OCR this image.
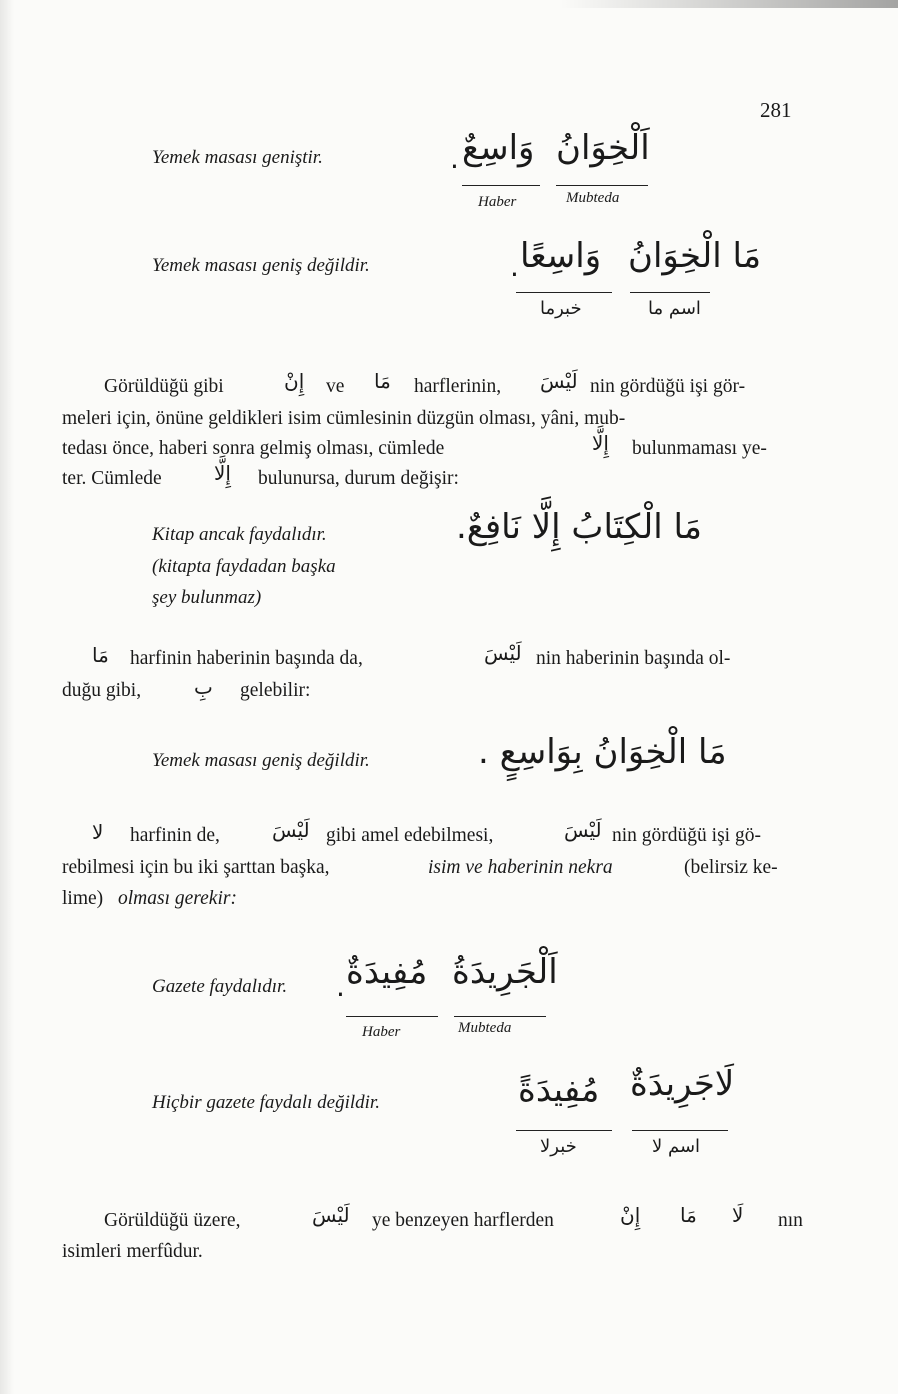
281
Yemek masası geniştir.	. وَاسِعٌ اَلْخِوَانُ
Haber	Mubteda
Yemek masası geniş değildir.	. وَاسِعًا مَا الْخِوَانُ
خبرما	اسم ما
Görüldüğü gibi	إِنْ ve مَا harflerinin, لَيْسَ nin gördüğü işi gör-
meleri için, önüne geldikleri isim cümlesinin düzgün olması, yâni, mub-
tedası önce, haberi sonra gelmiş olması, cümlede	إِلَّا bulunmaması ye-
ter. Cümlede	إِلَّا bulunursa, durum değişir:
Kitap ancak faydalıdır.
(kitapta faydadan başka
şey bulunmaz)
مَا الْكِتَابُ إِلَّا نَافِعٌ.
مَا harfinin haberinin başında da,	لَيْسَ nin haberinin başında ol-
duğu gibi,	بِ gelebilir:
Yemek masası geniş değildir.	مَا الْخِوَانُ بِوَاسِعٍ .
لا harfinin de,	لَيْسَ gibi amel edebilmesi,	لَيْسَ nin gördüğü işi gö-
rebilmesi için bu iki şarttan başka,	isim ve haberinin nekra	(belirsiz ke-
lime) olması gerekir:
Gazete faydalıdır. . مُفِيدَةٌ اَلْجَرِيدَةُ
Haber	Mubteda
Hiçbir gazete faydalı değildir.	مُفِيدَةً لَاجَرِيدَةٌ
خبرلا	اسم لا
Görüldüğü üzere,	لَيْسَ ye benzeyen harflerden	إِنْ مَا لَا nın
isimleri merfûdur.
